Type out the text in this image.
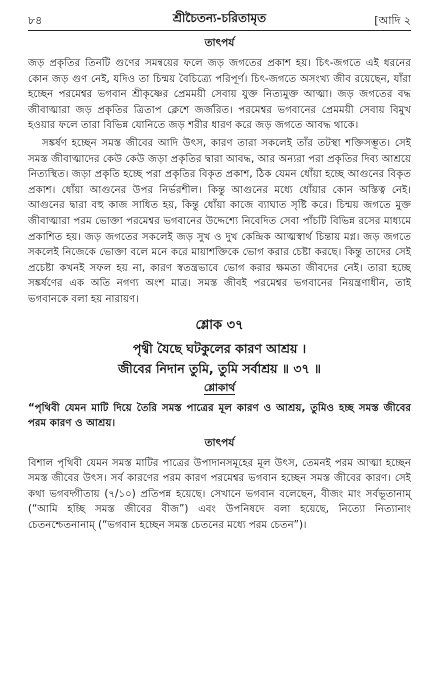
৮৪	শ্রীচৈতন্য-চরিতামৃত	[আদি ২
তাৎপর্য

জড় প্রকৃতির তিনটি গুণের সমন্বয়ের ফলে জড় জগতের প্রকাশ হয়। চিৎ-জগতে এই ধরনের কোন জড় গুণ নেই, যদিও তা চিন্ময় বৈচিত্র্যে পরিপূর্ণ। চিৎ-জগতে অসংখ্য জীব রয়েছেন, যাঁরা হচ্ছেন পরমেশ্বর ভগবান শ্রীকৃষ্ণের প্রেমময়ী সেবায় যুক্ত নিত্যমুক্ত আত্মা। জড় জগতের বদ্ধ জীবাত্মারা জড় প্রকৃতির ত্রিতাপ ক্লেশে জর্জরিত। পরমেশ্বর ভগবানের প্রেমময়ী সেবায় বিমুখ হওয়ার ফলে তারা বিভিন্ন যোনিতে জড় শরীর ধারণ করে জড় জগতে আবদ্ধ থাকে।

সঙ্কর্ষণ হচ্ছেন সমস্ত জীবের আদি উৎস, কারণ তারা সকলেই তাঁর তটস্থা শক্তিসম্ভূত। সেই সমস্ত জীবাত্মাদের কেউ কেউ জড়া প্রকৃতির দ্বারা আবদ্ধ, আর অন্যরা পরা প্রকৃতির দিব্য আশ্রয়ে নিত্যস্থিত। জড়া প্রকৃতি হচ্ছে পরা প্রকৃতির বিকৃত প্রকাশ, ঠিক যেমন ধোঁয়া হচ্ছে আগুনের বিকৃত প্রকাশ। ধোঁয়া আগুনের উপর নির্ভরশীল। কিন্তু আগুনের মধ্যে ধোঁয়ার কোন অস্তিত্ব নেই। আগুনের দ্বারা বহু কাজ সাধিত হয়, কিন্তু ধোঁয়া কাজে ব্যাঘাত সৃষ্টি করে। চিন্ময় জগতে মুক্ত জীবাত্মারা পরম ভোক্তা পরমেশ্বর ভগবানের উদ্দেশ্যে নিবেদিত সেবা পাঁচটি বিভিন্ন রসের মাধ্যমে প্রকাশিত হয়। জড় জগতের সকলেই জড় সুখ ও দুখ কেন্দ্রিক আত্মস্বার্থ চিন্তায় মগ্ন। জড় জগতে সকলেই নিজেকে ভোক্তা বলে মনে করে মায়াশক্তিকে ভোগ করার চেষ্টা করছে। কিন্তু তাদের সেই প্রচেষ্টা কখনই সফল হয় না, কারণ স্বতন্ত্রভাবে ভোগ করার ক্ষমতা জীবদের নেই। তারা হচ্ছে সঙ্কর্ষণের এক অতি নগণ্য অংশ মাত্র। সমস্ত জীবই পরমেশ্বর ভগবানের নিয়ন্ত্রণাধীন, তাই ভগবানকে বলা হয় নারায়ণ।

শ্লোক ৩৭

পৃথ্বী যৈছে ঘটকুলের কারণ আশ্রয় ।

জীবের নিদান তুমি, তুমি সর্বাশ্রয় ॥ ৩৭ ॥

শ্লোকার্থ

“পৃথিবী যেমন মাটি দিয়ে তৈরি সমস্ত পাত্রের মূল কারণ ও আশ্রয়, তুমিও হচ্ছ সমস্ত জীবের পরম কারণ ও আশ্রয়।

তাৎপর্য

বিশাল পৃথিবী যেমন সমস্ত মাটির পাত্রের উপাদানসমূহের মূল উৎস, তেমনই পরম আত্মা হচ্ছেন সমস্ত জীবের উৎস। সর্ব কারণের পরম কারণ পরমেশ্বর ভগবান হচ্ছেন সমস্ত জীবের কারণ। সেই কথা ভগবদ্গীতায় (৭/১০) প্রতিপন্ন হয়েছে। সেখানে ভগবান বলেছেন, বীজং মাং সর্বভূতানাম্ (“আমি হচ্ছি সমস্ত জীবের বীজ”) এবং উপনিষদে বলা হয়েছে, নিত্যো নিত্যানাং চেতনশ্চেতনানাম্ (“ভগবান হচ্ছেন সমস্ত চেতনের মধ্যে পরম চেতন”)।
